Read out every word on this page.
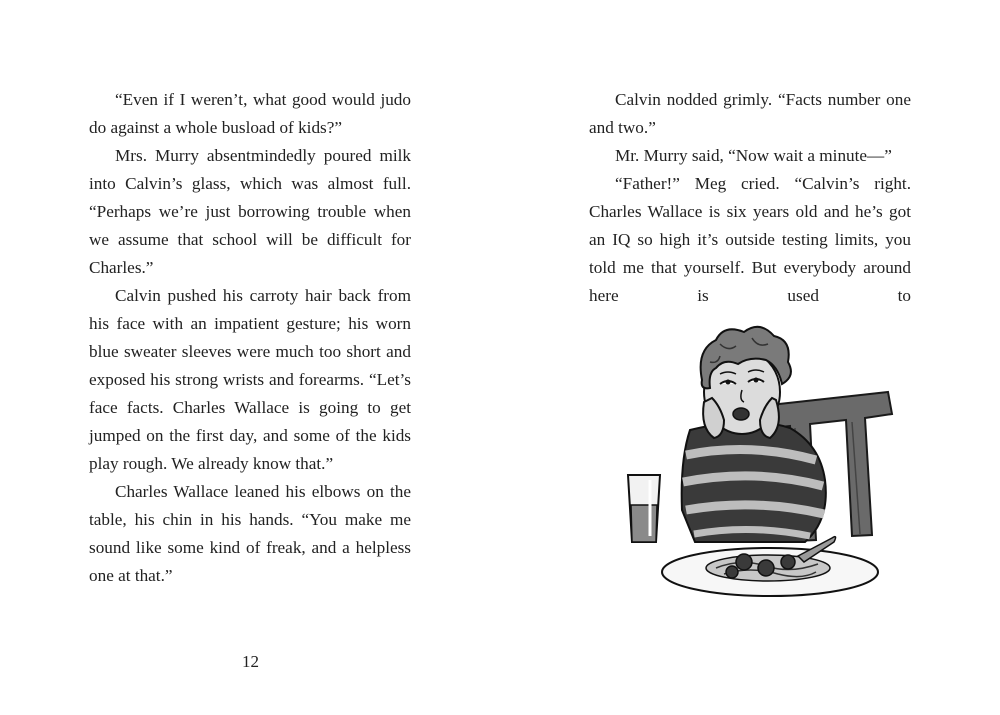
“Even if I weren’t, what good would judo do against a whole busload of kids?”

Mrs. Murry absentmindedly poured milk into Calvin’s glass, which was almost full. “Perhaps we’re just borrowing trouble when we assume that school will be difficult for Charles.”

Calvin pushed his carroty hair back from his face with an impatient gesture; his worn blue sweater sleeves were much too short and exposed his strong wrists and forearms. “Let’s face facts. Charles Wallace is going to get jumped on the first day, and some of the kids play rough. We already know that.”

Charles Wallace leaned his elbows on the table, his chin in his hands. “You make me sound like some kind of freak, and a helpless one at that.”

12

Calvin nodded grimly. “Facts number one

and two.”

Mr. Murry said, “Now wait a minute—”

“Father!” Meg cried. “Calvin’s right. Charles Wallace is six years old and he’s got an IQ so high it’s outside testing limits, you told me that yourself. But everybody around here is used to
